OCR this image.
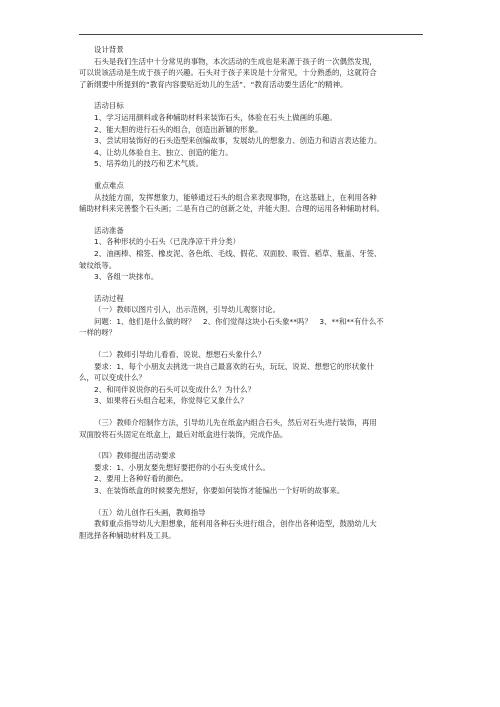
设计背景

石头是我们生活中十分常见的事物，本次活动的生成也是来源于孩子的一次偶然发现，

可以说该活动是生成于孩子的兴趣。石头对于孩子来说是十分常见，十分熟悉的，这就符合

了新纲要中所提到的“教育内容要贴近幼儿的生活”、“教育活动要生活化”的精神。

活动目标

1、学习运用颜料或各种辅助材料来装饰石头，体验在石头上做画的乐趣。

2、能大胆的进行石头的组合，创造出新颖的形象。

3、尝试用装饰好的石头造型来创编故事，发展幼儿的想象力、创造力和语言表达能力。

4、让幼儿体验自主、独立、创造的能力。

5、培养幼儿的技巧和艺术气质。

重点难点

从技能方面，发挥想象力，能够通过石头的组合来表现事物，在这基础上，在利用各种

辅助材料来完善整个石头画；二是有自己的创新之处，并能大胆、合理的运用各种辅助材料。

活动准备

1、各种形状的小石头（已洗净凉干并分类）

2、油画棒、棉签、橡皮泥、各色纸、毛线、假花、双面胶、吸管、稻草、瓶盖、牙签、

皱纹纸等。

3、各组一块抹布。

活动过程

（一）教师以图片引入，出示范例，引导幼儿观察讨论。

问题：1、他们是什么做的呀？　2、你们觉得这块小石头象**吗？　3、**和**有什么不

一样的呀？

（二）教师引导幼儿看看、说说、想想石头象什么？

要求：1、每个小朋友去挑选一块自己最喜欢的石头，玩玩、说说、想想它的形状象什

么，可以变成什么？

2、和同伴说说你的石头可以变成什么？为什么？

3、如果将石头组合起来，你觉得它又象什么？

（三）教师介绍制作方法，引导幼儿先在纸盒内组合石头，然后对石头进行装饰，再用

双面胶将石头固定在纸盒上，最后对纸盒进行装饰，完成作品。

（四）教师提出活动要求

要求：1、小朋友要先想好要把你的小石头变成什么。

2、要用上各种好看的颜色。

3、在装饰纸盒的时候要先想好，你要如何装饰才能编出一个好听的故事来。

（五）幼儿创作石头画，教师指导

教师重点指导幼儿大胆想象，能利用各种石头进行组合，创作出各种造型，鼓励幼儿大

胆选择各种辅助材料及工具。
